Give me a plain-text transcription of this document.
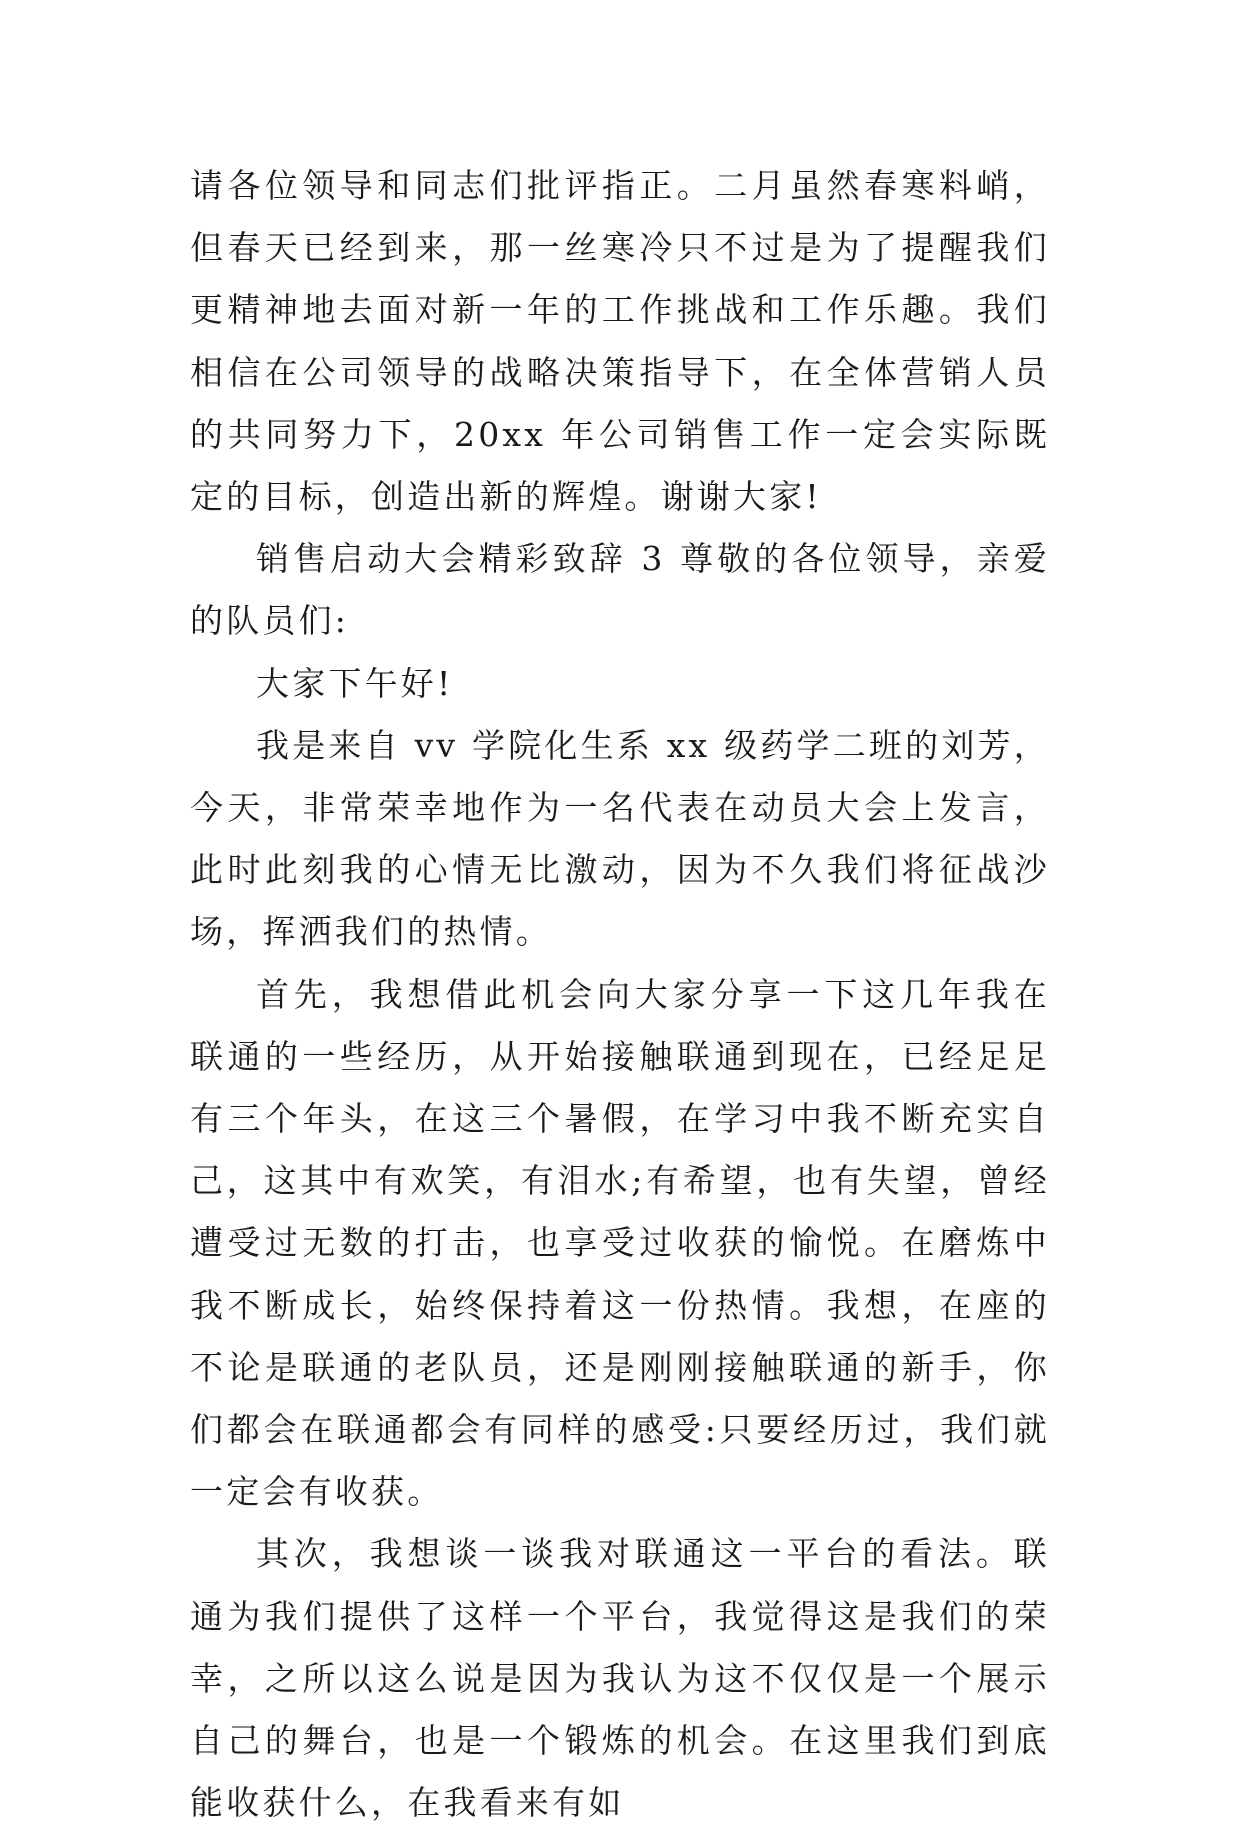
请各位领导和同志们批评指正。二月虽然春寒料峭，但春天已经到来，那一丝寒冷只不过是为了提醒我们更精神地去面对新一年的工作挑战和工作乐趣。我们相信在公司领导的战略决策指导下，在全体营销人员的共同努力下，20xx 年公司销售工作一定会实际既定的目标，创造出新的辉煌。谢谢大家!

销售启动大会精彩致辞 3 尊敬的各位领导，亲爱的队员们:

大家下午好!

我是来自 vv 学院化生系 xx 级药学二班的刘芳，今天，非常荣幸地作为一名代表在动员大会上发言，此时此刻我的心情无比激动，因为不久我们将征战沙场，挥洒我们的热情。

首先，我想借此机会向大家分享一下这几年我在联通的一些经历，从开始接触联通到现在，已经足足有三个年头，在这三个暑假，在学习中我不断充实自己，这其中有欢笑，有泪水;有希望，也有失望，曾经遭受过无数的打击，也享受过收获的愉悦。在磨炼中我不断成长，始终保持着这一份热情。我想，在座的不论是联通的老队员，还是刚刚接触联通的新手，你们都会在联通都会有同样的感受:只要经历过，我们就一定会有收获。

其次，我想谈一谈我对联通这一平台的看法。联通为我们提供了这样一个平台，我觉得这是我们的荣幸，之所以这么说是因为我认为这不仅仅是一个展示自己的舞台，也是一个锻炼的机会。在这里我们到底能收获什么，在我看来有如
